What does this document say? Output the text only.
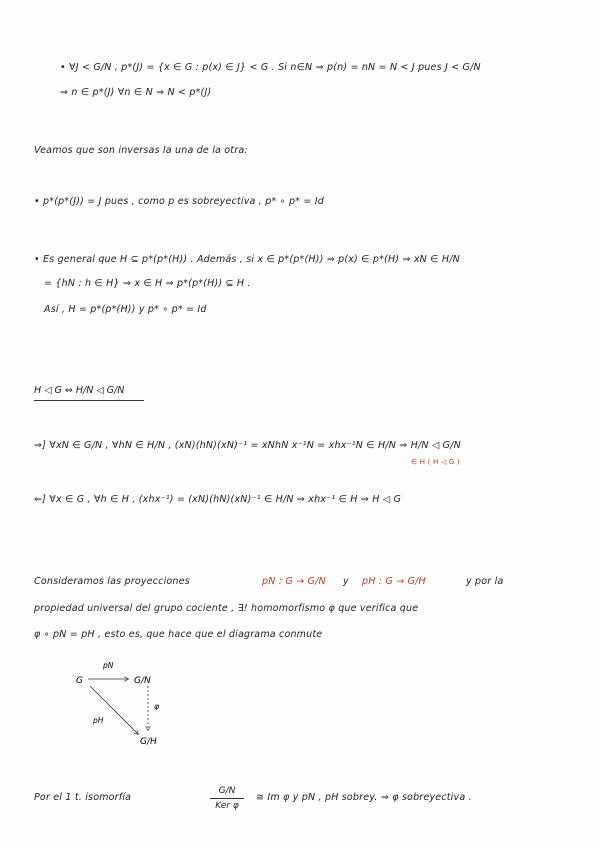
• ∀J < G/N , p*(J) = {x ∈ G : p(x) ∈ J} < G . Si n∈N ⇒ p(n) = nN = N < J pues J < G/N
⇒ n ∈ p*(J) ∀n ∈ N ⇒ N < p*(J)
Veamos que son inversas la una de la otra:
• p*(p*(J)) = J pues , como p es sobreyectiva , p* ∘ p* = Id
• Es general que H ⊆ p*(p*(H)) . Además , si x ∈ p*(p*(H)) ⇒ p(x) ∈ p*(H) ⇒ xN ∈ H/N
= {hN : h ∈ H} ⇒ x ∈ H ⇒ p*(p*(H)) ⊆ H .
Así , H = p*(p*(H)) y p* ∘ p* = Id
H ◁ G ⇔ H/N ◁ G/N
⇒] ∀xN ∈ G/N , ∀hN ∈ H/N , (xN)(hN)(xN)⁻¹ = xNhN x⁻¹N = xhx⁻¹N ∈ H/N ⇒ H/N ◁ G/N
∈ H ( H ◁ G )
⇐] ∀x ∈ G , ∀h ∈ H , (xhx⁻¹) = (xN)(hN)(xN)⁻¹ ∈ H/N ⇒ xhx⁻¹ ∈ H ⇒ H ◁ G
Consideramos las proyecciones	pN : G → G/N y pH : G → G/H	y por la
propiedad universal del grupo cociente , ∃! homomorfismo φ que verifica que
φ ∘ pN = pH , esto es, que hace que el diagrama conmute
G	G/N
G/H
pN
pH
φ
Por el 1 t. isomorfía
G/N
Ker φ
≅ Im φ y pN , pH sobrey. ⇒ φ sobreyectiva .
